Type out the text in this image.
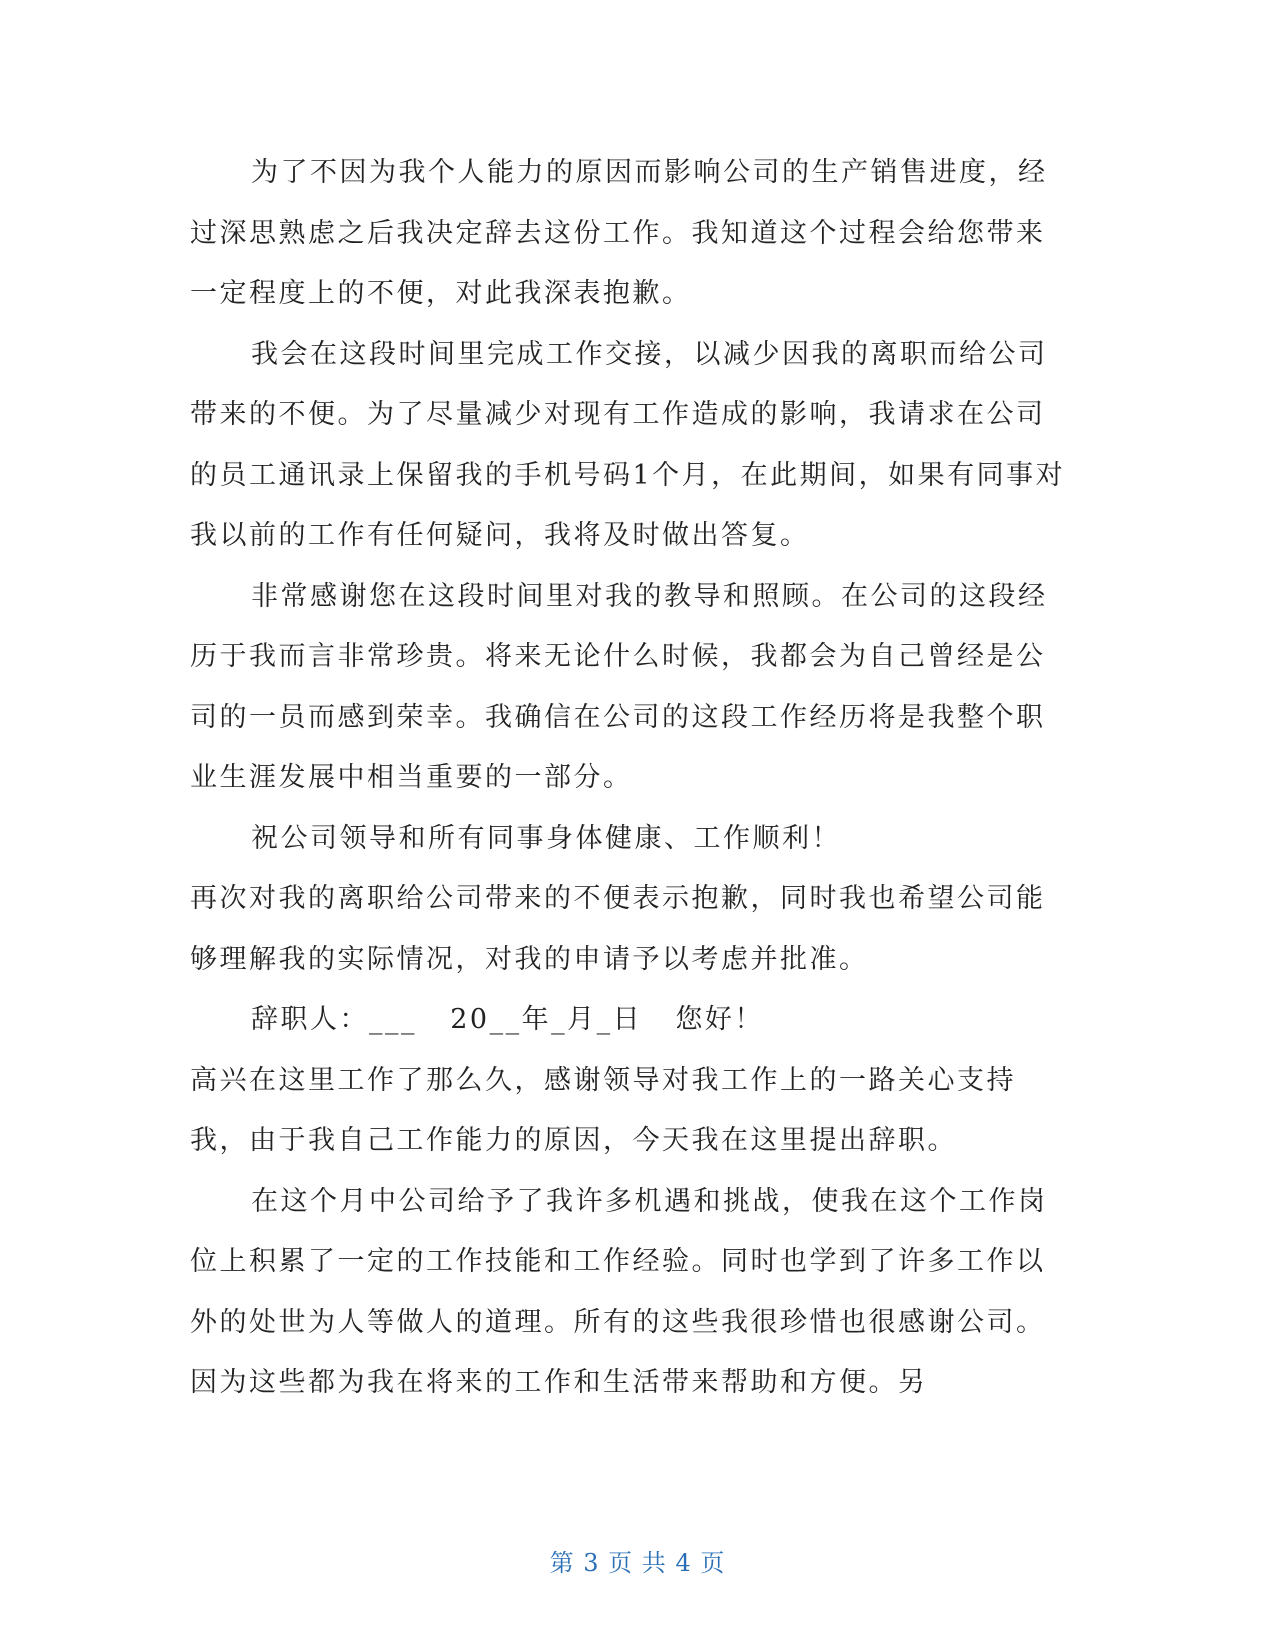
为了不因为我个人能力的原因而影响公司的生产销售进度，经过深思熟虑之后我决定辞去这份工作。我知道这个过程会给您带来一定程度上的不便，对此我深表抱歉。

我会在这段时间里完成工作交接，以减少因我的离职而给公司带来的不便。为了尽量减少对现有工作造成的影响，我请求在公司的员工通讯录上保留我的手机号码1个月，在此期间，如果有同事对我以前的工作有任何疑问，我将及时做出答复。

非常感谢您在这段时间里对我的教导和照顾。在公司的这段经历于我而言非常珍贵。将来无论什么时候，我都会为自己曾经是公司的一员而感到荣幸。我确信在公司的这段工作经历将是我整个职业生涯发展中相当重要的一部分。

祝公司领导和所有同事身体健康、工作顺利！

再次对我的离职给公司带来的不便表示抱歉，同时我也希望公司能够理解我的实际情况，对我的申请予以考虑并批准。

辞职人：___   20__年_月_日   您好！

高兴在这里工作了那么久，感谢领导对我工作上的一路关心支持我，由于我自己工作能力的原因，今天我在这里提出辞职。

在这个月中公司给予了我许多机遇和挑战，使我在这个工作岗位上积累了一定的工作技能和工作经验。同时也学到了许多工作以外的处世为人等做人的道理。所有的这些我很珍惜也很感谢公司。因为这些都为我在将来的工作和生活带来帮助和方便。另

第 3 页 共 4 页
